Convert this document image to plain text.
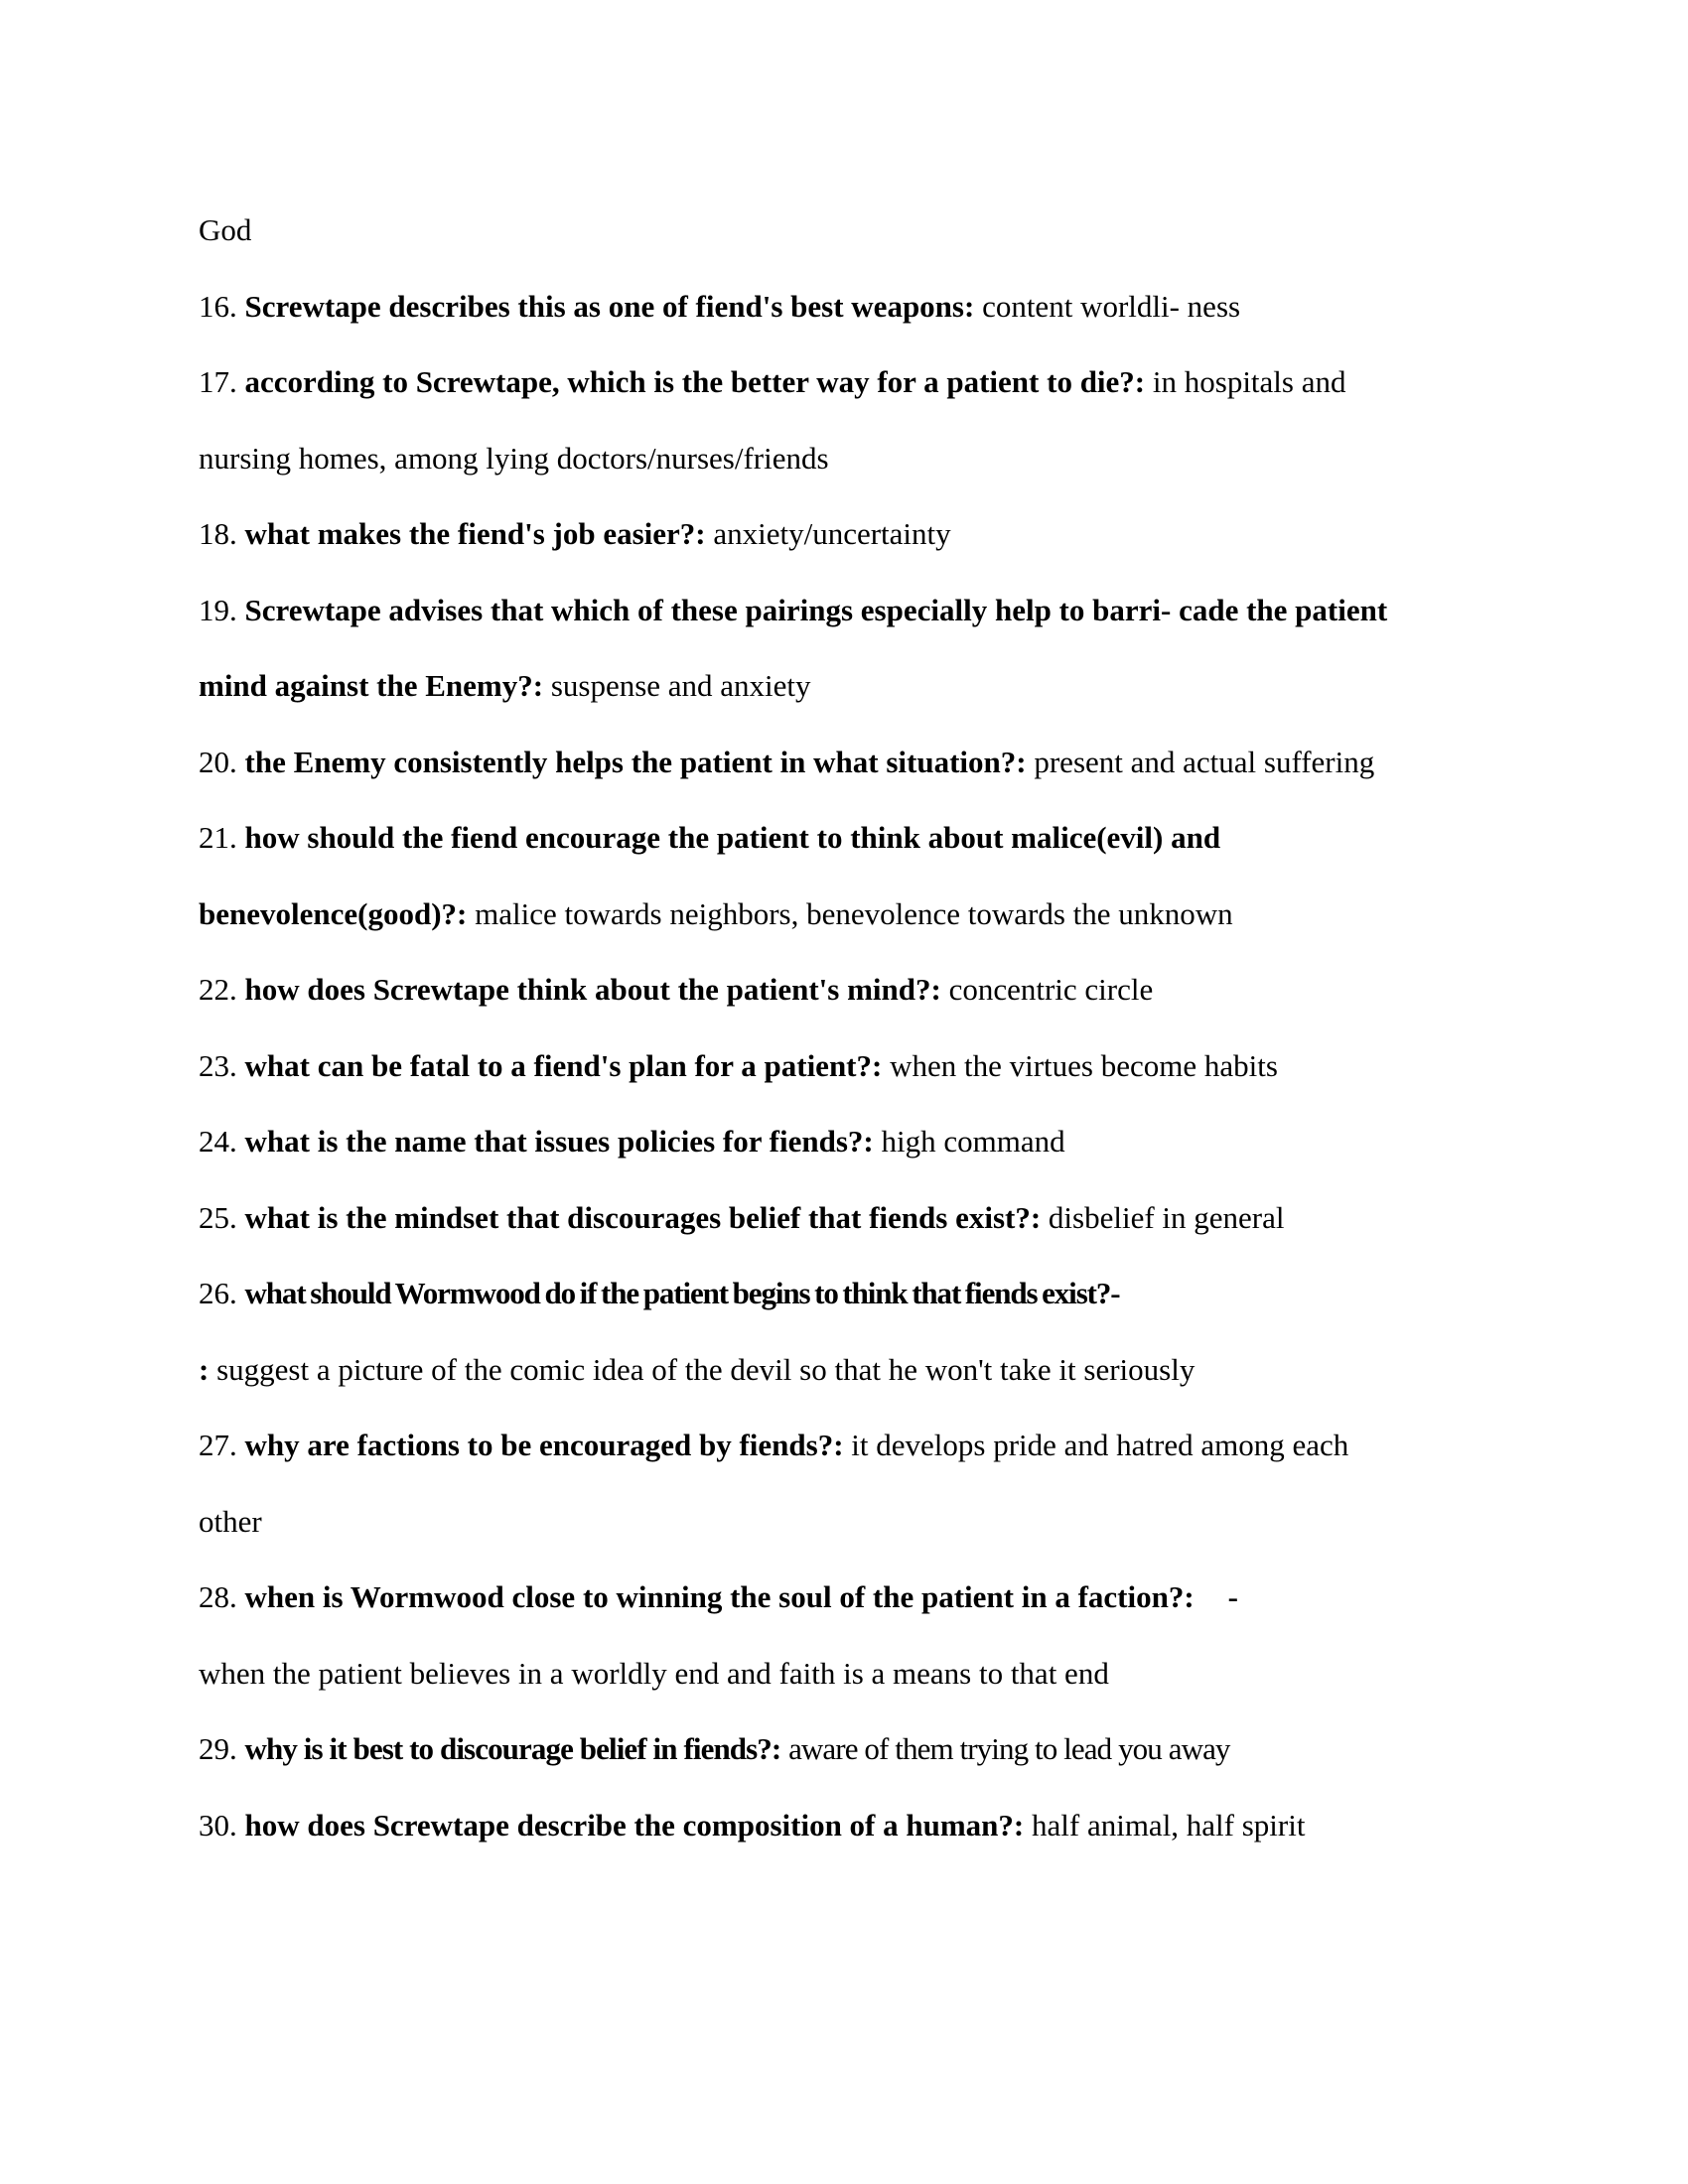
God
16. Screwtape describes this as one of fiend's best weapons: content worldli- ness
17. according to Screwtape, which is the better way for a patient to die?: in hospitals and
nursing homes, among lying doctors/nurses/friends
18. what makes the fiend's job easier?: anxiety/uncertainty
19. Screwtape advises that which of these pairings especially help to barri- cade the patient
mind against the Enemy?: suspense and anxiety
20. the Enemy consistently helps the patient in what situation?: present and actual suffering
21. how should the fiend encourage the patient to think about malice(evil) and
benevolence(good)?: malice towards neighbors, benevolence towards the unknown
22. how does Screwtape think about the patient's mind?: concentric circle
23. what can be fatal to a fiend's plan for a patient?: when the virtues become habits
24. what is the name that issues policies for fiends?: high command
25. what is the mindset that discourages belief that fiends exist?: disbelief in general
26. what should Wormwood do if the patient begins to think that fiends exist?-
: suggest a picture of the comic idea of the devil so that he won't take it seriously
27. why are factions to be encouraged by fiends?: it develops pride and hatred among each
other
28. when is Wormwood close to winning the soul of the patient in a faction?: -
when the patient believes in a worldly end and faith is a means to that end
29. why is it best to discourage belief in fiends?: aware of them trying to lead you away
30. how does Screwtape describe the composition of a human?: half animal, half spirit
